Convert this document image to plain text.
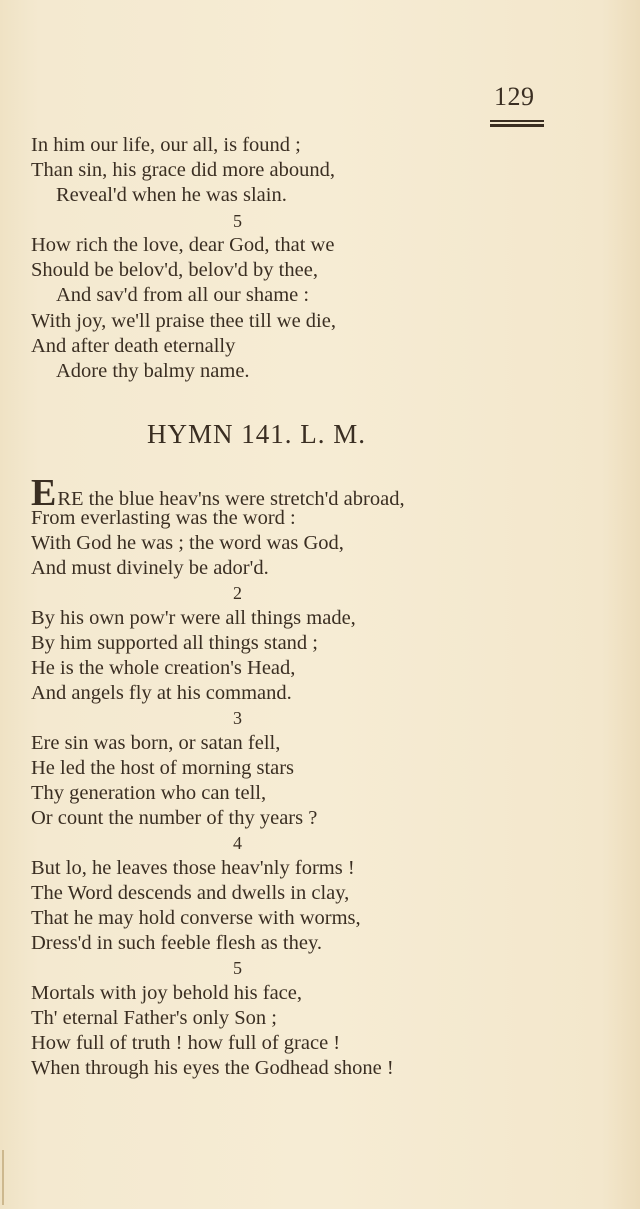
129
In him our life, our all, is found ;
Than sin, his grace did more abound,
Reveal'd when he was slain.
5
How rich the love, dear God, that we
Should be belov'd, belov'd by thee,
And sav'd from all our shame :
With joy, we'll praise thee till we die,
And after death eternally
Adore thy balmy name.
HYMN 141. L. M.
ERE the blue heav'ns were stretch'd abroad,
From everlasting was the word :
With God he was ; the word was God,
And must divinely be ador'd.
2
By his own pow'r were all things made,
By him supported all things stand ;
He is the whole creation's Head,
And angels fly at his command.
3
Ere sin was born, or satan fell,
He led the host of morning stars
Thy generation who can tell,
Or count the number of thy years ?
4
But lo, he leaves those heav'nly forms !
The Word descends and dwells in clay,
That he may hold converse with worms,
Dress'd in such feeble flesh as they.
5
Mortals with joy behold his face,
Th' eternal Father's only Son ;
How full of truth ! how full of grace !
When through his eyes the Godhead shone !
